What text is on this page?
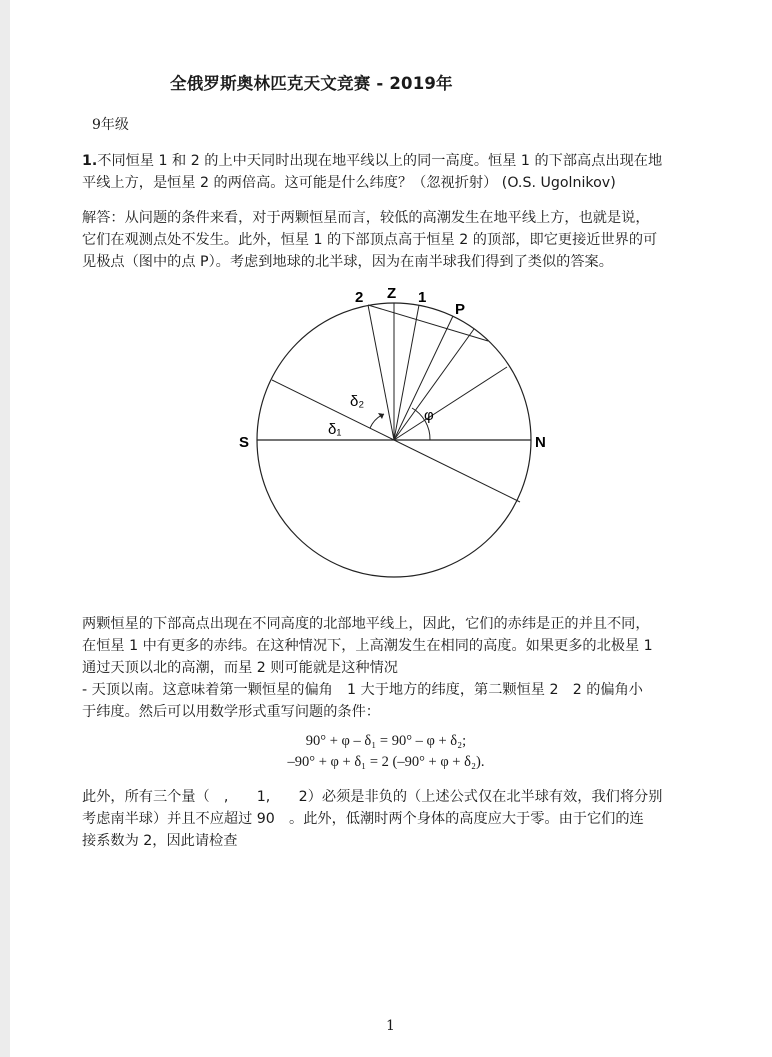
全俄罗斯奥林匹克天文竞赛 - 2019年
9年级
1.不同恒星 1 和 2 的上中天同时出现在地平线以上的同一高度。恒星 1 的下部高点出现在地
平线上方，是恒星 2 的两倍高。这可能是什么纬度？（忽视折射） (O.S. Ugolnikov)
解答：从问题的条件来看，对于两颗恒星而言，较低的高潮发生在地平线上方，也就是说，
它们在观测点处不发生。此外，恒星 1 的下部顶点高于恒星 2 的顶部，即它更接近世界的可
见极点（图中的点 P）。考虑到地球的北半球，因为在南半球我们得到了类似的答案。
S	N
Z
2	1
P
φ
δ₁
δ₂
两颗恒星的下部高点出现在不同高度的北部地平线上，因此，它们的赤纬是正的并且不同，
在恒星 1 中有更多的赤纬。在这种情况下，上高潮发生在相同的高度。如果更多的北极星 1
通过天顶以北的高潮，而星 2 则可能就是这种情况
- 天顶以南。这意味着第一颗恒星的偏角　1 大于地方的纬度，第二颗恒星 2　2 的偏角小
于纬度。然后可以用数学形式重写问题的条件：
90° + φ – δ₁ = 90° – φ + δ₂;
–90° + φ + δ₁ = 2 (–90° + φ + δ₂).
此外，所有三个量（　,　　1,　　2）必须是非负的（上述公式仅在北半球有效，我们将分别
考虑南半球）并且不应超过 90　。此外，低潮时两个身体的高度应大于零。由于它们的连
接系数为 2，因此请检查
1
